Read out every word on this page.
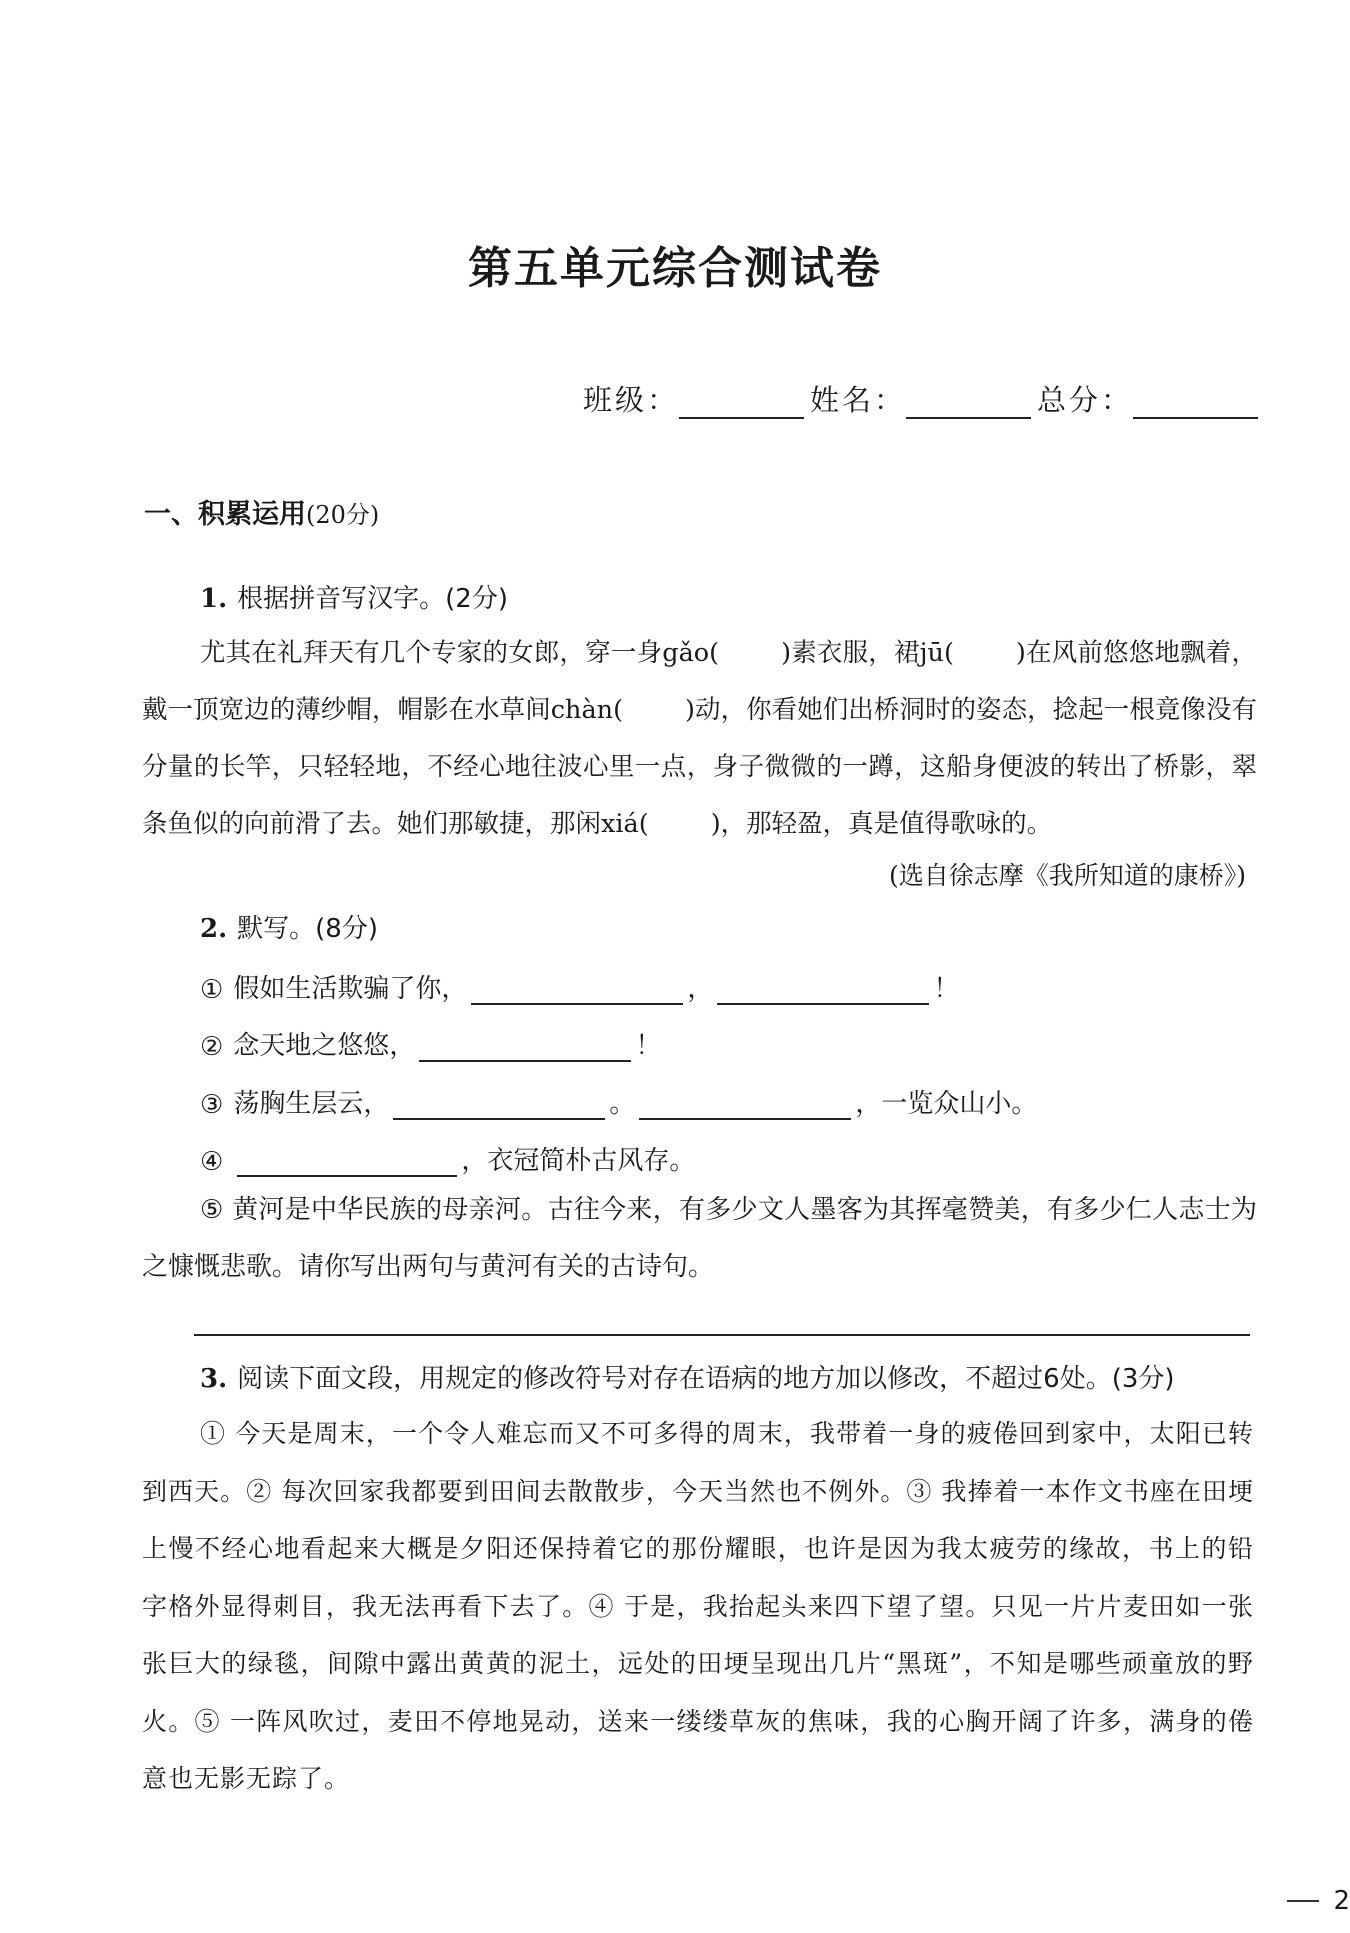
第五单元综合测试卷
班级：	姓名：	总分：
一、积累运用(20分)
1. 根据拼音写汉字。(2分)
尤其在礼拜天有几个专家的女郎，穿一身gǎo( )素衣服，裙jū( )在风前悠悠地飘着，戴一顶宽边的薄纱帽，帽影在水草间chàn( )动，你看她们出桥洞时的姿态，捻起一根竟像没有分量的长竿，只轻轻地，不经心地往波心里一点，身子微微的一蹲，这船身便波的转出了桥影，翠条鱼似的向前滑了去。她们那敏捷，那闲xiá( )，那轻盈，真是值得歌咏的。
(选自徐志摩《我所知道的康桥》)
2. 默写。(8分)
① 假如生活欺骗了你，	，	！
② 念天地之悠悠，	！
③ 荡胸生层云，	。	，一览众山小。
④	，衣冠简朴古风存。
⑤ 黄河是中华民族的母亲河。古往今来，有多少文人墨客为其挥毫赞美，有多少仁人志士为之慷慨悲歌。请你写出两句与黄河有关的古诗句。
3. 阅读下面文段，用规定的修改符号对存在语病的地方加以修改，不超过6处。(3分)
① 今天是周末，一个令人难忘而又不可多得的周末，我带着一身的疲倦回到家中，太阳已转到西天。② 每次回家我都要到田间去散散步，今天当然也不例外。③ 我捧着一本作文书座在田埂上慢不经心地看起来大概是夕阳还保持着它的那份耀眼，也许是因为我太疲劳的缘故，书上的铅字格外显得刺目，我无法再看下去了。④ 于是，我抬起头来四下望了望。只见一片片麦田如一张张巨大的绿毯，间隙中露出黄黄的泥土，远处的田埂呈现出几片“黑斑”，不知是哪些顽童放的野火。⑤ 一阵风吹过，麦田不停地晃动，送来一缕缕草灰的焦味，我的心胸开阔了许多，满身的倦意也无影无踪了。
2
